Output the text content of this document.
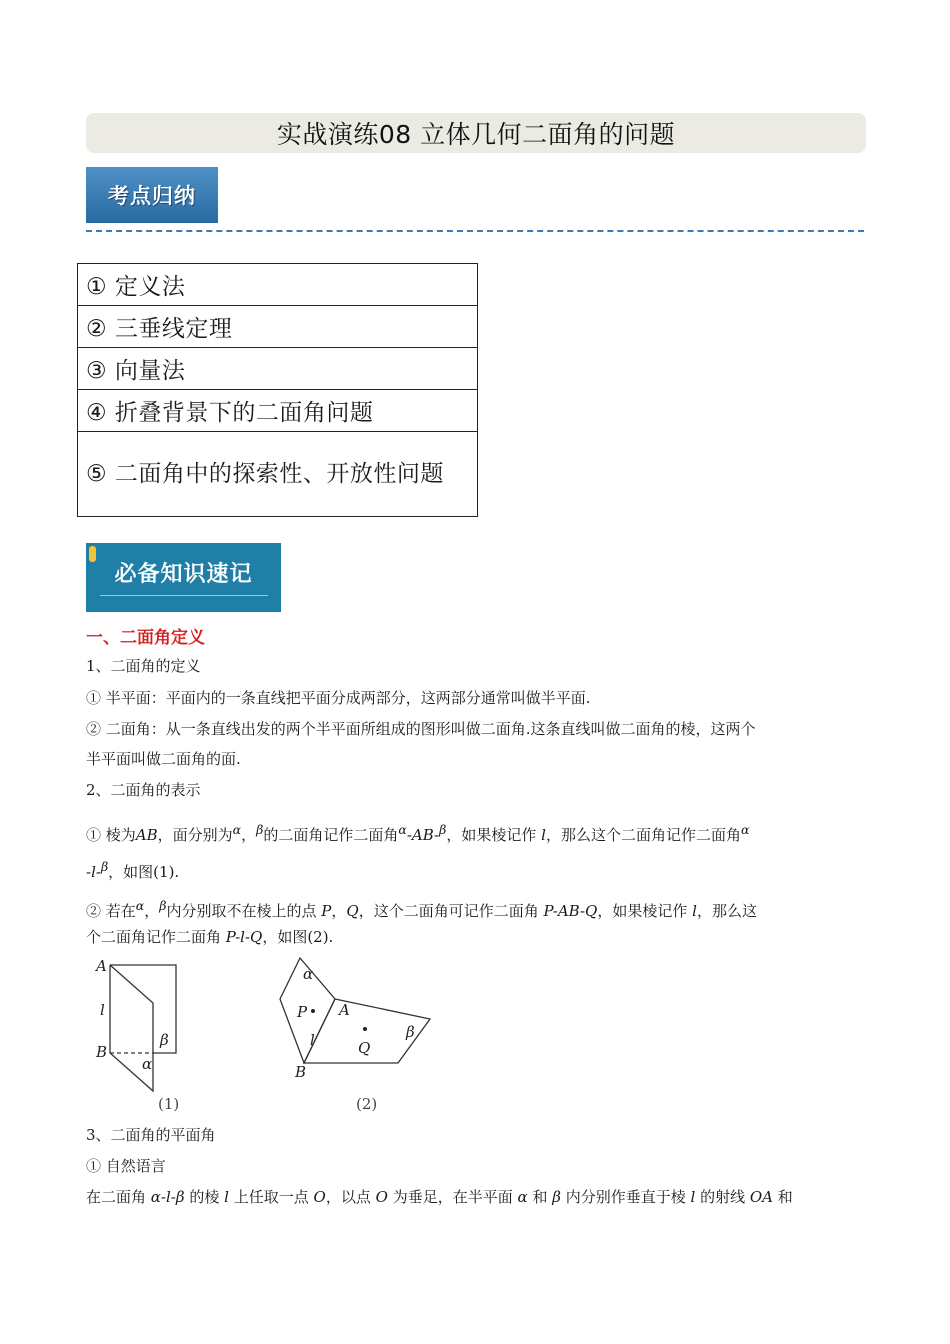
实战演练08 立体几何二面角的问题
考点归纳
① 定义法
② 三垂线定理
③ 向量法
④ 折叠背景下的二面角问题
⑤ 二面角中的探索性、开放性问题
必备知识速记
一、二面角定义
1、二面角的定义
① 半平面：平面内的一条直线把平面分成两部分，这两部分通常叫做半平面.
② 二面角：从一条直线出发的两个半平面所组成的图形叫做二面角.这条直线叫做二面角的棱，这两个
半平面叫做二面角的面.
2、二面角的表示
① 棱为AB，面分别为$^\alpha$，$^\beta$的二面角记作二面角$^\alpha$-AB-$^\beta$，如果棱记作 l，那么这个二面角记作二面角$^\alpha$
-l-$^\beta$，如图(1).
② 若在$^\alpha$，$^\beta$内分别取不在棱上的点 P，Q，这个二面角可记作二面角 P-AB-Q，如果棱记作 l，那么这
个二面角记作二面角 P-l-Q，如图(2).
A
l
B
β
α
(1)
α
P A
l	Q
β
B
(2)
3、二面角的平面角
① 自然语言
在二面角 α-l-β 的棱 l 上任取一点 O，以点 O 为垂足，在半平面 α 和 β 内分别作垂直于棱 l 的射线 OA 和
